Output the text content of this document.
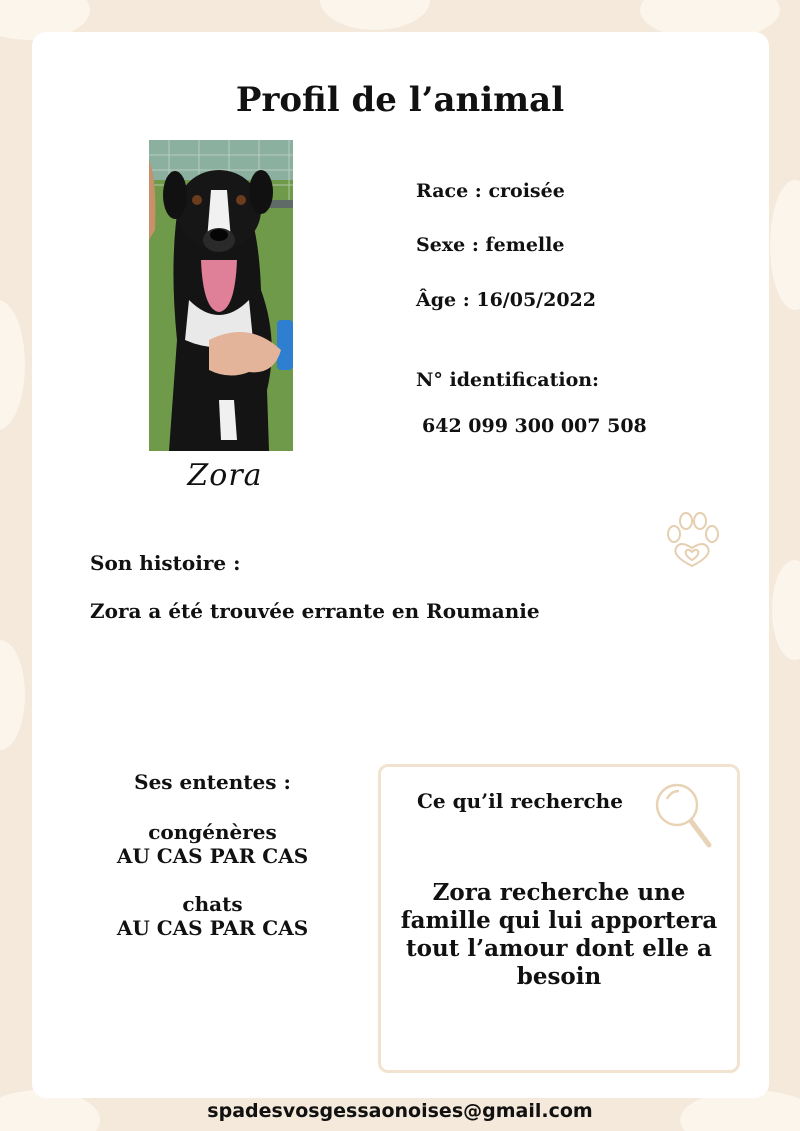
Profil de l’animal
Zora
Race : croisée
Sexe : femelle
Âge : 16/05/2022
N° identification:
642 099 300 007 508
Son histoire :
Zora a été trouvée errante en Roumanie
Ses ententes :
congénères
AU CAS PAR CAS
chats
AU CAS PAR CAS
Ce qu’il recherche
Zora recherche une
famille qui lui apportera
tout l’amour dont elle a
besoin
spadesvosgessaonoises@gmail.com
